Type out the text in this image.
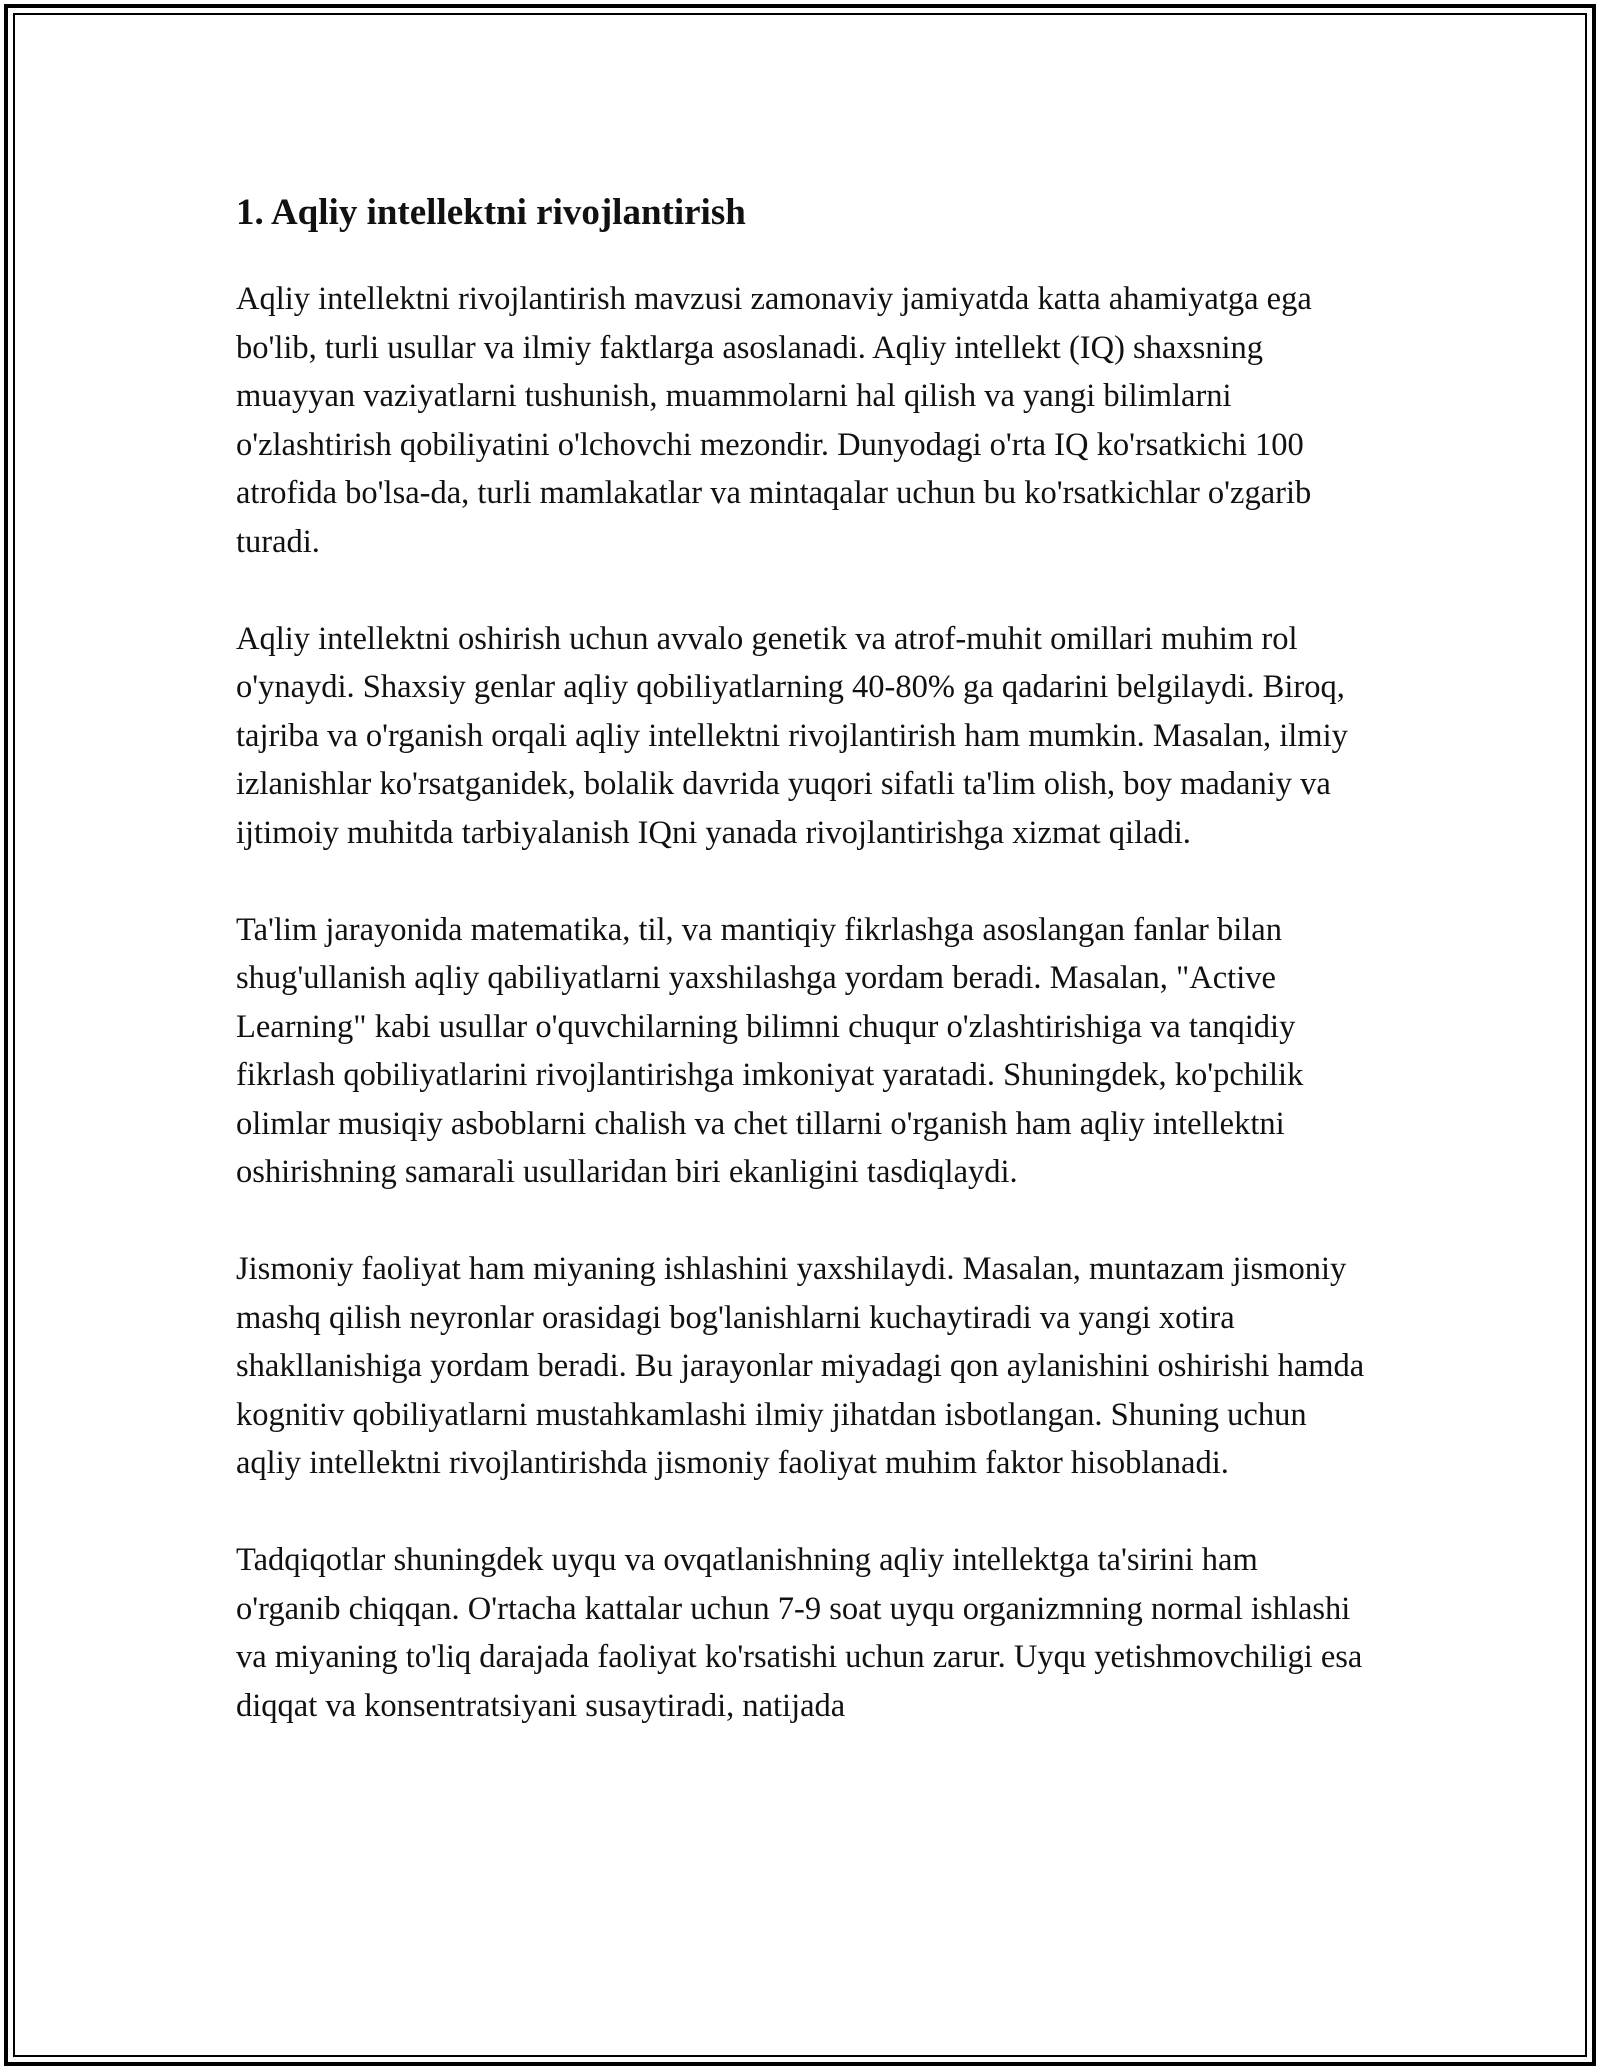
1. Aqliy intellektni rivojlantirish

Aqliy intellektni rivojlantirish mavzusi zamonaviy jamiyatda katta ahamiyatga ega bo'lib, turli usullar va ilmiy faktlarga asoslanadi. Aqliy intellekt (IQ) shaxsning muayyan vaziyatlarni tushunish, muammolarni hal qilish va yangi bilimlarni o'zlashtirish qobiliyatini o'lchovchi mezondir. Dunyodagi o'rta IQ ko'rsatkichi 100 atrofida bo'lsa-da, turli mamlakatlar va mintaqalar uchun bu ko'rsatkichlar o'zgarib turadi.

Aqliy intellektni oshirish uchun avvalo genetik va atrof-muhit omillari muhim rol o'ynaydi. Shaxsiy genlar aqliy qobiliyatlarning 40-80% ga qadarini belgilaydi. Biroq, tajriba va o'rganish orqali aqliy intellektni rivojlantirish ham mumkin. Masalan, ilmiy izlanishlar ko'rsatganidek, bolalik davrida yuqori sifatli ta'lim olish, boy madaniy va ijtimoiy muhitda tarbiyalanish IQni yanada rivojlantirishga xizmat qiladi.

Ta'lim jarayonida matematika, til, va mantiqiy fikrlashga asoslangan fanlar bilan shug'ullanish aqliy qabiliyatlarni yaxshilashga yordam beradi. Masalan, "Active Learning" kabi usullar o'quvchilarning bilimni chuqur o'zlashtirishiga va tanqidiy fikrlash qobiliyatlarini rivojlantirishga imkoniyat yaratadi. Shuningdek, ko'pchilik olimlar musiqiy asboblarni chalish va chet tillarni o'rganish ham aqliy intellektni oshirishning samarali usullaridan biri ekanligini tasdiqlaydi.

Jismoniy faoliyat ham miyaning ishlashini yaxshilaydi. Masalan, muntazam jismoniy mashq qilish neyronlar orasidagi bog'lanishlarni kuchaytiradi va yangi xotira shakllanishiga yordam beradi. Bu jarayonlar miyadagi qon aylanishini oshirishi hamda kognitiv qobiliyatlarni mustahkamlashi ilmiy jihatdan isbotlangan. Shuning uchun aqliy intellektni rivojlantirishda jismoniy faoliyat muhim faktor hisoblanadi.

Tadqiqotlar shuningdek uyqu va ovqatlanishning aqliy intellektga ta'sirini ham o'rganib chiqqan. O'rtacha kattalar uchun 7-9 soat uyqu organizmning normal ishlashi va miyaning to'liq darajada faoliyat ko'rsatishi uchun zarur. Uyqu yetishmovchiligi esa diqqat va konsentratsiyani susaytiradi, natijada
